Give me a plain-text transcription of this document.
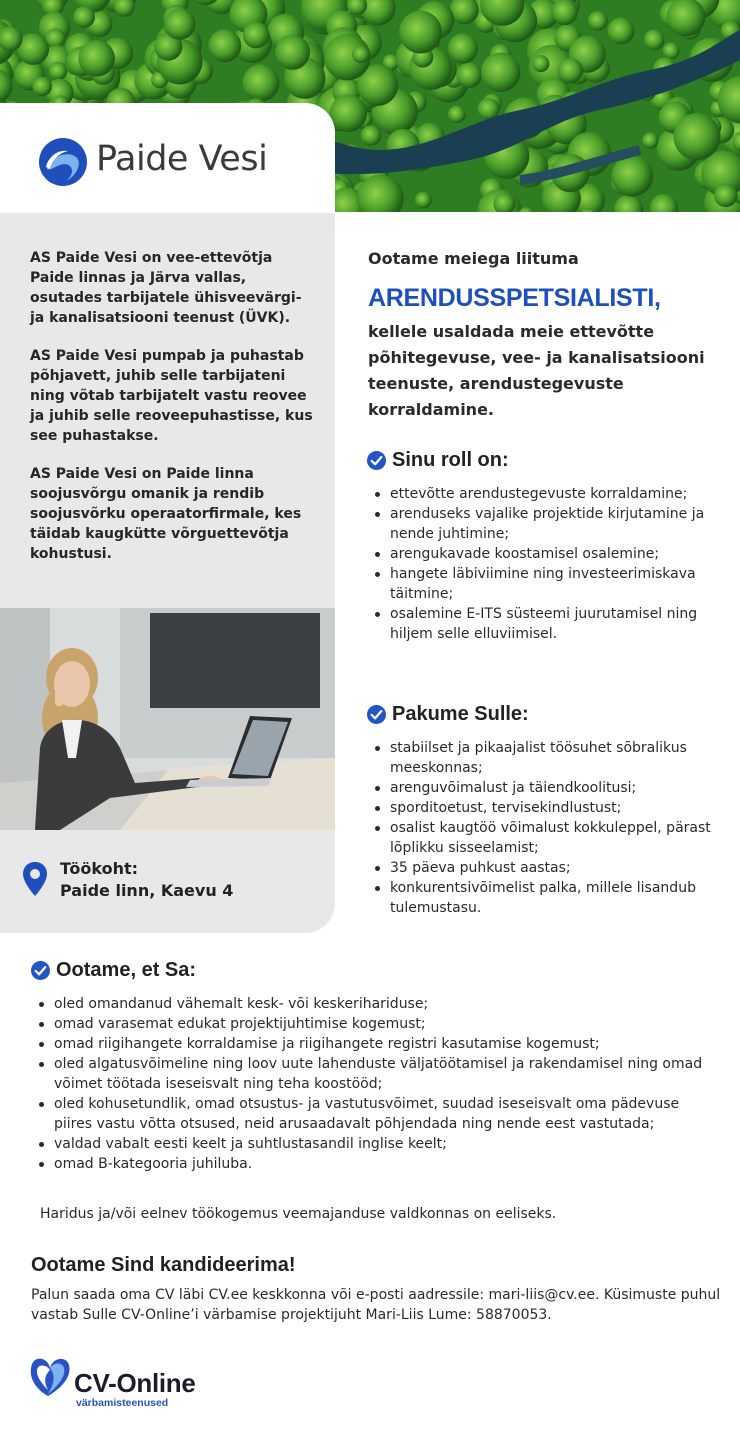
Paide Vesi

AS Paide Vesi on vee-ettevõtja Paide linnas ja Järva vallas, osutades tarbijatele ühisveevärgi- ja kanalisatsiooni teenust (ÜVK).

AS Paide Vesi pumpab ja puhastab põhjavett, juhib selle tarbijateni ning võtab tarbijatelt vastu reovee ja juhib selle reoveepuhastisse, kus see puhastakse.

AS Paide Vesi on Paide linna soojusvõrgu omanik ja rendib soojusvõrku operaatorfirmale, kes täidab kaugkütte võrguettevõtja kohustusi.

Töökoht:
Paide linn, Kaevu 4

Ootame meiega liituma

ARENDUSSPETSIALISTI,

kellele usaldada meie ettevõtte põhitegevuse, vee- ja kanalisatsiooni teenuste, arendustegevuste korraldamine.

Sinu roll on:
ettevõtte arendustegevuste korraldamine;
arenduseks vajalike projektide kirjutamine ja nende juhtimine;
arengukavade koostamisel osalemine;
hangete läbiviimine ning investeerimiskava täitmine;
osalemine E-ITS süsteemi juurutamisel ning hiljem selle elluviimisel.
Pakume Sulle:
stabiilset ja pikaajalist töösuhet sõbralikus meeskonnas;
arenguvõimalust ja täiendkoolitusi;
sporditoetust, tervisekindlustust;
osalist kaugtöö võimalust kokkuleppel, pärast lõplikku sisseelamist;
35 päeva puhkust aastas;
konkurentsivõimelist palka, millele lisandub tulemustasu.
Ootame, et Sa:
oled omandanud vähemalt kesk- või keskerihariduse;
omad varasemat edukat projektijuhtimise kogemust;
omad riigihangete korraldamise ja riigihangete registri kasutamise kogemust;
oled algatusvõimeline ning loov uute lahenduste väljatöötamisel ja rakendamisel ning omad võimet töötada iseseisvalt ning teha koostööd;
oled kohusetundlik, omad otsustus- ja vastutusvõimet, suudad iseseisvalt oma pädevuse piires vastu võtta otsused, neid arusaadavalt põhjendada ning nende eest vastutada;
valdad vabalt eesti keelt ja suhtlustasandil inglise keelt;
omad B-kategooria juhiluba.
Haridus ja/või eelnev töökogemus veemajanduse valdkonnas on eeliseks.
Ootame Sind kandideerima!

Palun saada oma CV läbi CV.ee keskkonna või e-posti aadressile: mari-liis@cv.ee. Küsimuste puhul vastab Sulle CV-Online’i värbamise projektijuht Mari-Liis Lume: 58870053.

CV-Online
värbamisteenused
